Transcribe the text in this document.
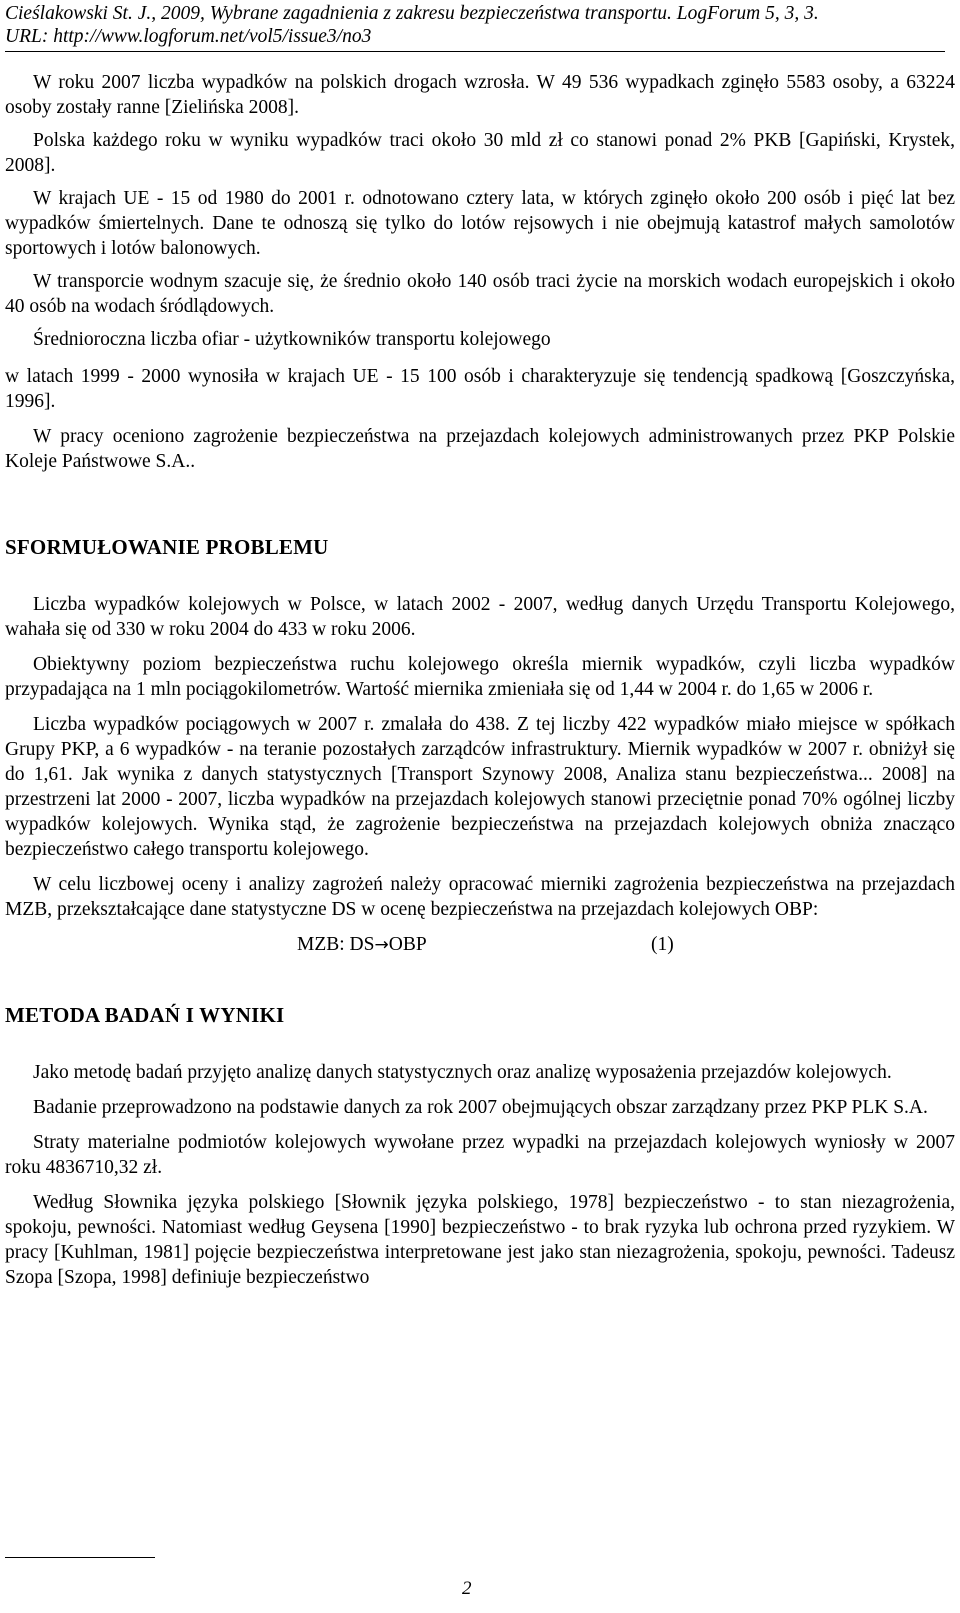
Cieślakowski St. J., 2009, Wybrane zagadnienia z zakresu bezpieczeństwa transportu. LogForum 5, 3, 3.

URL: http://www.logforum.net/vol5/issue3/no3

W roku 2007 liczba wypadków na polskich drogach wzrosła. W 49 536 wypadkach zginęło 5583 osoby, a 63224 osoby zostały ranne [Zielińska 2008].

Polska każdego roku w wyniku wypadków traci około 30 mld zł co stanowi ponad 2% PKB [Gapiński, Krystek, 2008].

W krajach UE - 15 od 1980 do 2001 r. odnotowano cztery lata, w których zginęło około 200 osób i pięć lat bez wypadków śmiertelnych. Dane te odnoszą się tylko do lotów rejsowych i nie obejmują katastrof małych samolotów sportowych i lotów balonowych.

W transporcie wodnym szacuje się, że średnio około 140 osób traci życie na morskich wodach europejskich i około 40 osób na wodach śródlądowych.

Średnioroczna liczba ofiar - użytkowników transportu kolejowego

w latach 1999 - 2000 wynosiła w krajach UE - 15 100 osób i charakteryzuje się tendencją spadkową [Goszczyńska, 1996].

W pracy oceniono zagrożenie bezpieczeństwa na przejazdach kolejowych administrowanych przez PKP Polskie Koleje Państwowe S.A..

SFORMUŁOWANIE PROBLEMU

Liczba wypadków kolejowych w Polsce, w latach 2002 - 2007, według danych Urzędu Transportu Kolejowego, wahała się od 330 w roku 2004 do 433 w roku 2006.

Obiektywny poziom bezpieczeństwa ruchu kolejowego określa miernik wypadków, czyli liczba wypadków przypadająca na 1 mln pociągokilometrów. Wartość miernika zmieniała się od 1,44 w 2004 r. do 1,65 w 2006 r.

Liczba wypadków pociągowych w 2007 r. zmalała do 438. Z tej liczby 422 wypadków miało miejsce w spółkach Grupy PKP, a 6 wypadków - na teranie pozostałych zarządców infrastruktury. Miernik wypadków w 2007 r. obniżył się do 1,61. Jak wynika z danych statystycznych [Transport Szynowy 2008, Analiza stanu bezpieczeństwa... 2008] na przestrzeni lat 2000 - 2007, liczba wypadków na przejazdach kolejowych stanowi przeciętnie ponad 70% ogólnej liczby wypadków kolejowych. Wynika stąd, że zagrożenie bezpieczeństwa na przejazdach kolejowych obniża znacząco bezpieczeństwo całego transportu kolejowego.

W celu liczbowej oceny i analizy zagrożeń należy opracować mierniki zagrożenia bezpieczeństwa na przejazdach MZB, przekształcające dane statystyczne DS w ocenę bezpieczeństwa na przejazdach kolejowych OBP:

MZB: DS→OBP	(1)
METODA BADAŃ I WYNIKI

Jako metodę badań przyjęto analizę danych statystycznych oraz analizę wyposażenia przejazdów kolejowych.

Badanie przeprowadzono na podstawie danych za rok 2007 obejmujących obszar zarządzany przez PKP PLK S.A.

Straty materialne podmiotów kolejowych wywołane przez wypadki na przejazdach kolejowych wyniosły w 2007 roku 4836710,32 zł.

Według Słownika języka polskiego [Słownik języka polskiego, 1978] bezpieczeństwo - to stan niezagrożenia, spokoju, pewności. Natomiast według Geysena [1990] bezpieczeństwo - to brak ryzyka lub ochrona przed ryzykiem. W pracy [Kuhlman, 1981] pojęcie bezpieczeństwa interpretowane jest jako stan niezagrożenia, spokoju, pewności. Tadeusz Szopa [Szopa, 1998] definiuje bezpieczeństwo

2
